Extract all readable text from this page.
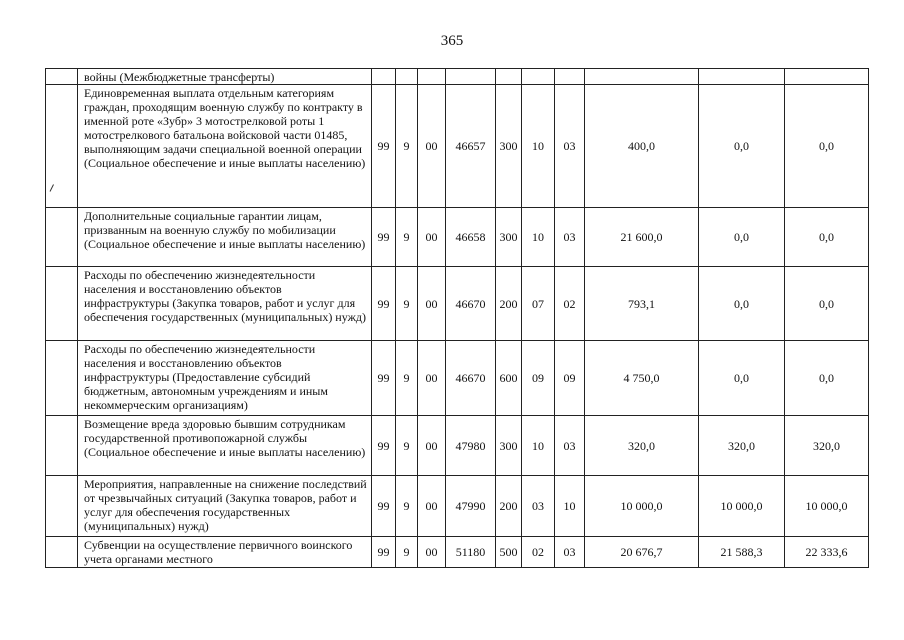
365
	войны (Межбюджетные трансферты)										
	Единовременная выплата отдельным категориям граждан, проходящим военную службу по контракту в именной роте «Зубр» 3 мотострелковой роты 1 мотострелкового батальона войсковой части 01485, выполняющим задачи специальной военной операции (Социальное обеспечение и иные выплаты населению)	99	9	00	46657	300	10	03	400,0	0,0	0,0
	Дополнительные социальные гарантии лицам, призванным на военную службу по мобилизации (Социальное обеспечение и иные выплаты населению)	99	9	00	46658	300	10	03	21 600,0	0,0	0,0
	Расходы по обеспечению жизнедеятельности населения и восстановлению объектов инфраструктуры (Закупка товаров, работ и услуг для обеспечения государственных (муниципальных) нужд)	99	9	00	46670	200	07	02	793,1	0,0	0,0
	Расходы по обеспечению жизнедеятельности населения и восстановлению объектов инфраструктуры (Предоставление субсидий бюджетным, автономным учреждениям и иным некоммерческим организациям)	99	9	00	46670	600	09	09	4 750,0	0,0	0,0
	Возмещение вреда здоровью бывшим сотрудникам государственной противопожарной службы (Социальное обеспечение и иные выплаты населению)	99	9	00	47980	300	10	03	320,0	320,0	320,0
	Мероприятия, направленные на снижение последствий от чрезвычайных ситуаций (Закупка товаров, работ и услуг для обеспечения государственных (муниципальных) нужд)	99	9	00	47990	200	03	10	10 000,0	10 000,0	10 000,0
	Субвенции на осуществление первичного воинского учета органами местного	99	9	00	51180	500	02	03	20 676,7	21 588,3	22 333,6
